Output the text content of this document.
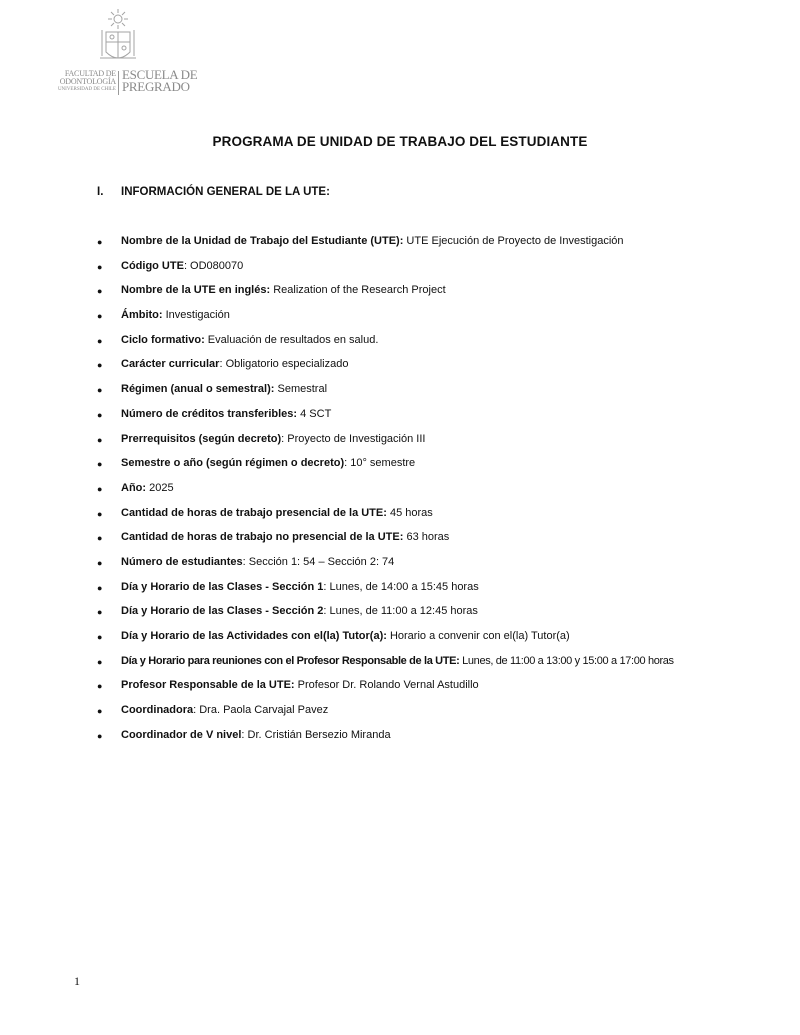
FACULTAD DE
ODONTOLOGÍA
UNIVERSIDAD DE CHILE
ESCUELA DE
PREGRADO
PROGRAMA DE UNIDAD DE TRABAJO DEL ESTUDIANTE
I. INFORMACIÓN GENERAL DE LA UTE:
● Nombre de la Unidad de Trabajo del Estudiante (UTE): UTE Ejecución de Proyecto de Investigación
● Código UTE: OD080070
● Nombre de la UTE en inglés: Realization of the Research Project
● Ámbito: Investigación
● Ciclo formativo: Evaluación de resultados en salud.
● Carácter curricular: Obligatorio especializado
● Régimen (anual o semestral): Semestral
● Número de créditos transferibles: 4 SCT
● Prerrequisitos (según decreto): Proyecto de Investigación III
● Semestre o año (según régimen o decreto): 10° semestre
● Año: 2025
● Cantidad de horas de trabajo presencial de la UTE: 45 horas
● Cantidad de horas de trabajo no presencial de la UTE: 63 horas
● Número de estudiantes: Sección 1: 54 – Sección 2: 74
● Día y Horario de las Clases - Sección 1: Lunes, de 14:00 a 15:45 horas
● Día y Horario de las Clases - Sección 2: Lunes, de 11:00 a 12:45 horas
● Día y Horario de las Actividades con el(la) Tutor(a): Horario a convenir con el(la) Tutor(a)
● Día y Horario para reuniones con el Profesor Responsable de la UTE: Lunes, de 11:00 a 13:00 y 15:00 a 17:00 horas
● Profesor Responsable de la UTE: Profesor Dr. Rolando Vernal Astudillo
● Coordinadora: Dra. Paola Carvajal Pavez
● Coordinador de V nivel: Dr. Cristián Bersezio Miranda
1
